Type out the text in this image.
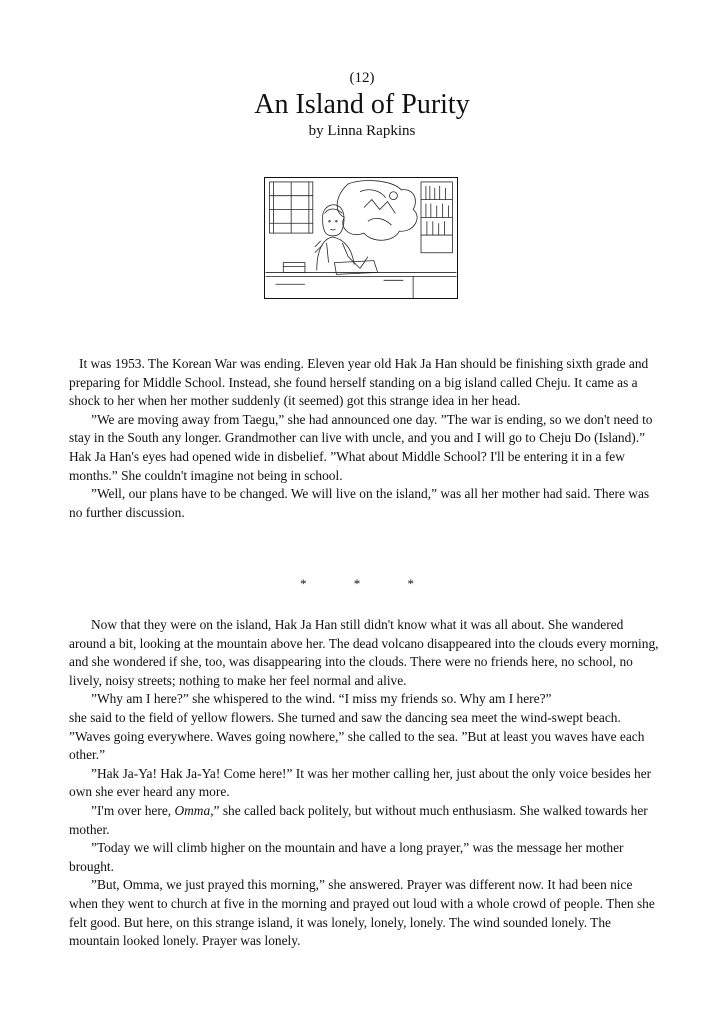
(12)
An Island of Purity
by Linna Rapkins

It was 1953. The Korean War was ending. Eleven year old Hak Ja Han should be finishing sixth grade and preparing for Middle School. Instead, she found herself standing on a big island called Cheju. It came as a shock to her when her mother suddenly (it seemed) got this strange idea in her head.

”We are moving away from Taegu,” she had announced one day. ”The war is ending, so we don't need to stay in the South any longer. Grandmother can live with uncle, and you and I will go to Cheju Do (Island).”

Hak Ja Han's eyes had opened wide in disbelief. ”What about Middle School? I'll be entering it in a few months.” She couldn't imagine not being in school.

”Well, our plans have to be changed. We will live on the island,” was all her mother had said. There was no further discussion.

* * *

Now that they were on the island, Hak Ja Han still didn't know what it was all about. She wandered around a bit, looking at the mountain above her. The dead volcano disappeared into the clouds every morning, and she wondered if she, too, was disappearing into the clouds. There were no friends here, no school, no lively, noisy streets; nothing to make her feel normal and alive.

”Why am I here?” she whispered to the wind. “I miss my friends so. Why am I here?”

she said to the field of yellow flowers. She turned and saw the dancing sea meet the wind-swept beach. ”Waves going everywhere. Waves going nowhere,” she called to the sea. ”But at least you waves have each other.”

”Hak Ja-Ya! Hak Ja-Ya! Come here!” It was her mother calling her, just about the only voice besides her own she ever heard any more.

”I'm over here, Omma,” she called back politely, but without much enthusiasm. She walked towards her mother.

”Today we will climb higher on the mountain and have a long prayer,” was the message her mother brought.

”But, Omma, we just prayed this morning,” she answered. Prayer was different now. It had been nice when they went to church at five in the morning and prayed out loud with a whole crowd of people. Then she felt good. But here, on this strange island, it was lonely, lonely, lonely. The wind sounded lonely. The mountain looked lonely. Prayer was lonely.
